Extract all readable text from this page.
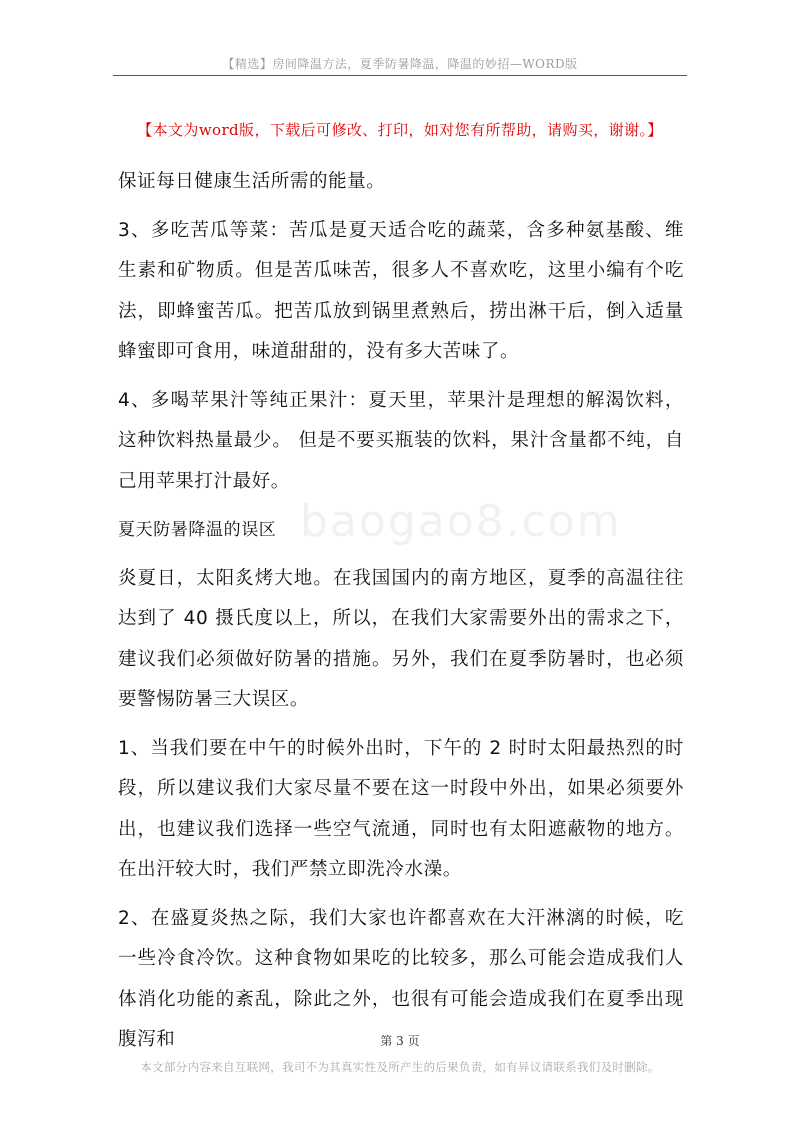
【精选】房间降温方法，夏季防暑降温，降温的妙招—WORD版
【本文为word版，下载后可修改、打印，如对您有所帮助，请购买，谢谢。】

保证每日健康生活所需的能量。

3、多吃苦瓜等菜：苦瓜是夏天适合吃的蔬菜，含多种氨基酸、维生素和矿物质。但是苦瓜味苦，很多人不喜欢吃，这里小编有个吃法，即蜂蜜苦瓜。把苦瓜放到锅里煮熟后，捞出淋干后，倒入适量蜂蜜即可食用，味道甜甜的，没有多大苦味了。

4、多喝苹果汁等纯正果汁：夏天里，苹果汁是理想的解渴饮料，这种饮料热量最少。 但是不要买瓶装的饮料，果汁含量都不纯，自己用苹果打汁最好。

夏天防暑降温的误区

炎夏日，太阳炙烤大地。在我国国内的南方地区，夏季的高温往往达到了 40 摄氏度以上，所以，在我们大家需要外出的需求之下，建议我们必须做好防暑的措施。另外，我们在夏季防暑时，也必须要警惕防暑三大误区。

1、当我们要在中午的时候外出时，下午的 2 时时太阳最热烈的时段，所以建议我们大家尽量不要在这一时段中外出，如果必须要外出，也建议我们选择一些空气流通，同时也有太阳遮蔽物的地方。在出汗较大时，我们严禁立即洗冷水澡。

2、在盛夏炎热之际，我们大家也许都喜欢在大汗淋漓的时候，吃一些冷食冷饮。这种食物如果吃的比较多，那么可能会造成我们人体消化功能的紊乱，除此之外，也很有可能会造成我们在夏季出现腹泻和

baogao8.com
第 3 页
本文部分内容来自互联网，我司不为其真实性及所产生的后果负责，如有异议请联系我们及时删除。
